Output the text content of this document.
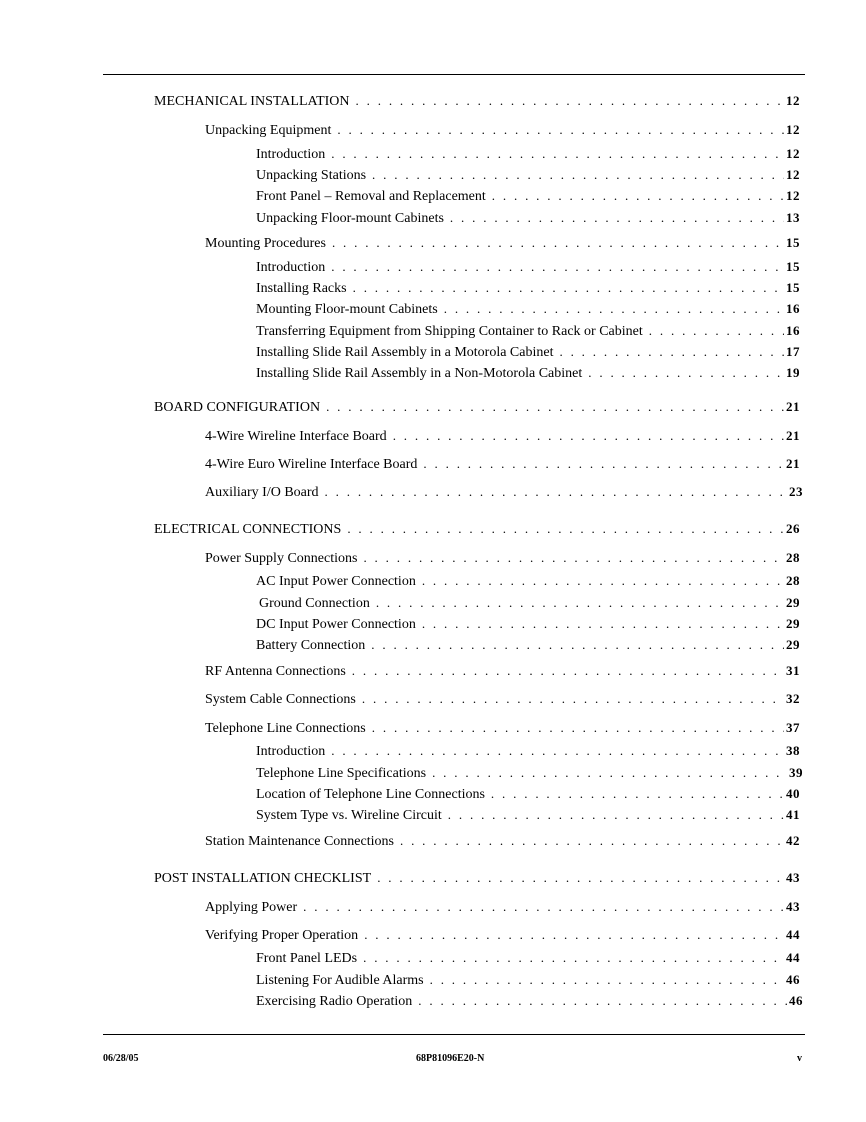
MECHANICAL INSTALLATION . . .	12
Unpacking Equipment . . .	12
Introduction . . .	12
Unpacking Stations . . .	12
Front Panel – Removal and Replacement . . .	12
Unpacking Floor-mount Cabinets . . .	13
Mounting Procedures . . .	15
Introduction . . .	15
Installing Racks . . .	15
Mounting Floor-mount Cabinets . . .	16
Transferring Equipment from Shipping Container to Rack or Cabinet . . .	16
Installing Slide Rail Assembly in a Motorola Cabinet . . .	17
Installing Slide Rail Assembly in a Non-Motorola Cabinet . . .	19
BOARD CONFIGURATION . . .	21
4-Wire Wireline Interface Board . . .	21
4-Wire Euro Wireline Interface Board . . .	21
Auxiliary I/O Board . . .	23
ELECTRICAL CONNECTIONS . . .	26
Power Supply Connections . . .	28
AC Input Power Connection . . .	28
Ground Connection . . .	29
DC Input Power Connection . . .	29
Battery Connection . . .	29
RF Antenna Connections . . .	31
System Cable Connections . . .	32
Telephone Line Connections . . .	37
Introduction . . .	38
Telephone Line Specifications . . .	39
Location of Telephone Line Connections . . .	40
System Type vs. Wireline Circuit . . .	41
Station Maintenance Connections . . .	42
POST INSTALLATION CHECKLIST . . .	43
Applying Power . . .	43
Verifying Proper Operation . . .	44
Front Panel LEDs . . .	44
Listening For Audible Alarms . . .	46
Exercising Radio Operation . . .	46
06/28/05	68P81096E20-N	v
